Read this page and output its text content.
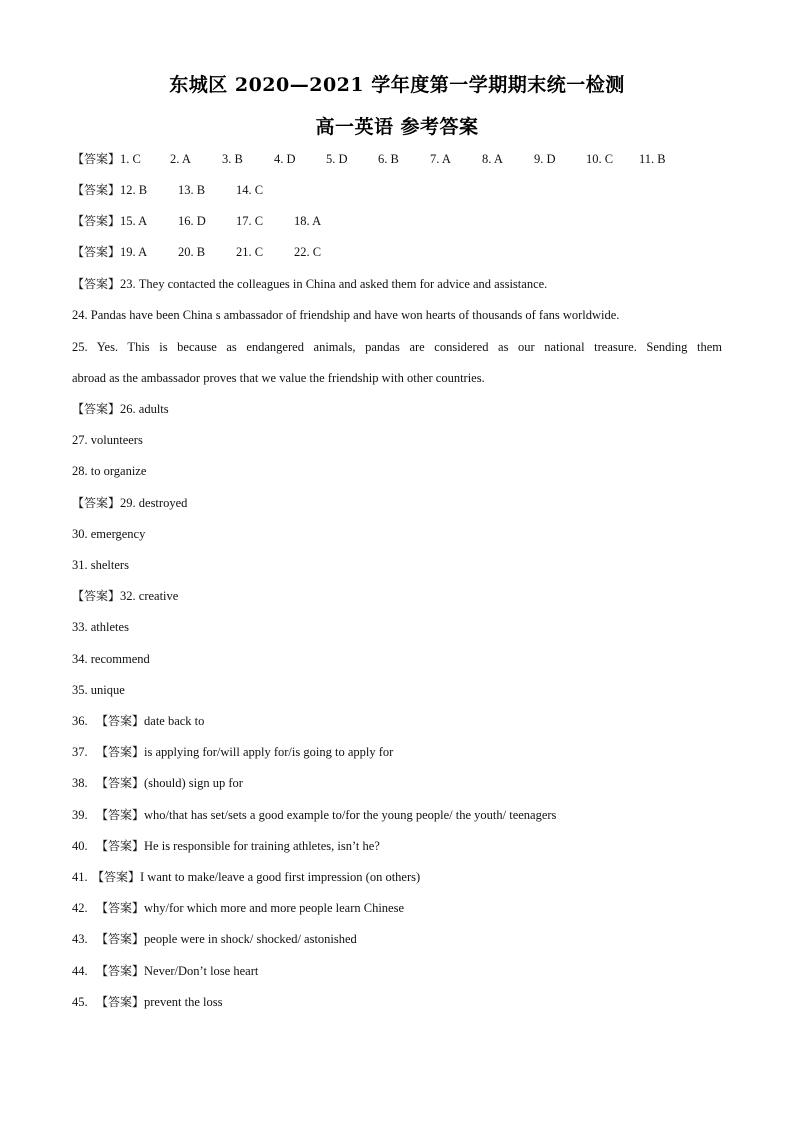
东城区 2020—2021 学年度第一学期期末统一检测
高一英语 参考答案
【答案】1. C 2. A 3. B 4. D 5. D 6. B 7. A 8. A 9. D 10. C 11. B
【答案】12. B 13. B 14. C
【答案】15. A 16. D 17. C 18. A
【答案】19. A 20. B 21. C 22. C
【答案】23. They contacted the colleagues in China and asked them for advice and assistance.
24. Pandas have been China s ambassador of friendship and have won hearts of thousands of fans worldwide.
25. Yes. This is because as endangered animals, pandas are considered as our national treasure. Sending them
abroad as the ambassador proves that we value the friendship with other countries.
【答案】26. adults
27. volunteers
28. to organize
【答案】29. destroyed
30. emergency
31. shelters
【答案】32. creative
33. athletes
34. recommend
35. unique
36. 【答案】date back to
37. 【答案】is applying for/will apply for/is going to apply for
38. 【答案】(should) sign up for
39. 【答案】who/that has set/sets a good example to/for the young people/ the youth/ teenagers
40. 【答案】He is responsible for training athletes, isn’t he?
41. 【答案】I want to make/leave a good first impression (on others)
42. 【答案】why/for which more and more people learn Chinese
43. 【答案】people were in shock/ shocked/ astonished
44. 【答案】Never/Don’t lose heart
45. 【答案】prevent the loss
